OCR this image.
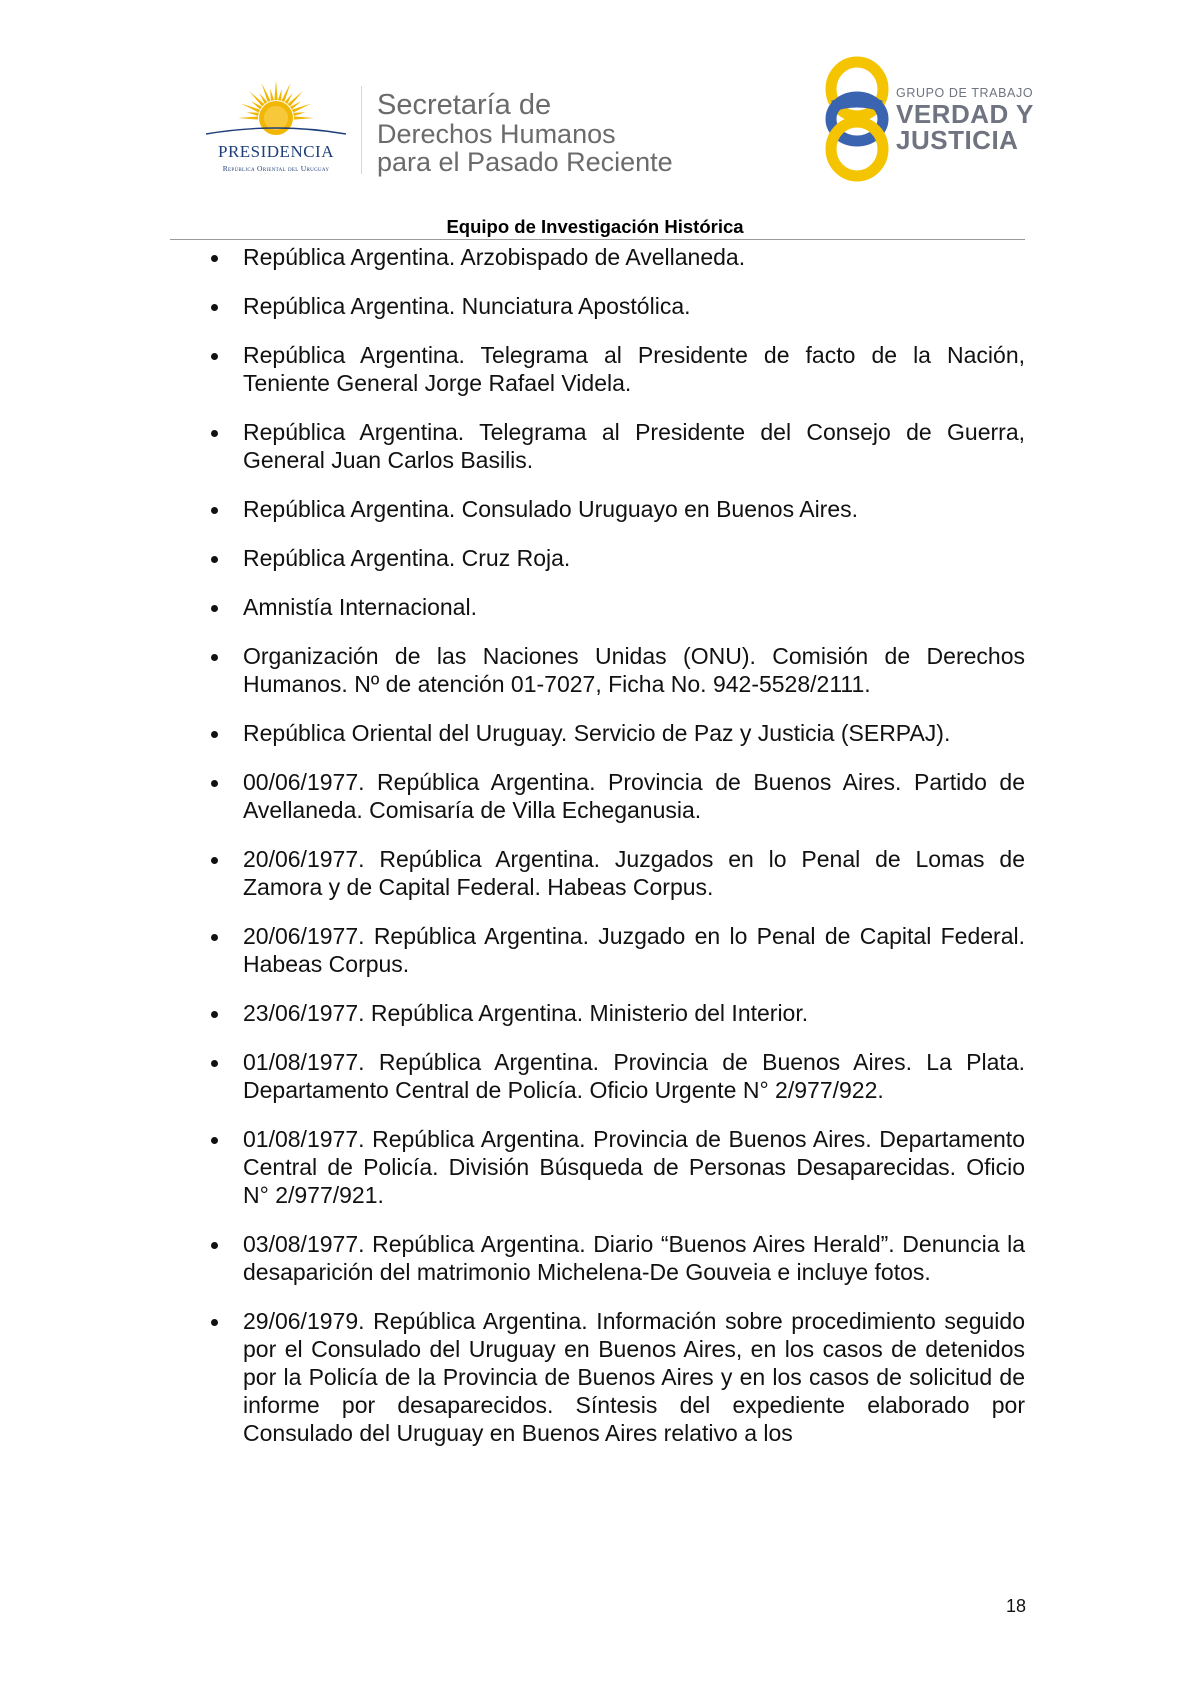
PRESIDENCIA
República Oriental del Uruguay
Secretaría de
Derechos Humanos
para el Pasado Reciente
GRUPO DE TRABAJO
VERDAD Y
JUSTICIA
Equipo de Investigación Histórica
República Argentina. Arzobispado de Avellaneda.
República Argentina. Nunciatura Apostólica.
República Argentina. Telegrama al Presidente de facto de la Nación, Teniente General Jorge Rafael Videla.
República Argentina. Telegrama al Presidente del Consejo de Guerra, General Juan Carlos Basilis.
República Argentina. Consulado Uruguayo en Buenos Aires.
República Argentina. Cruz Roja.
Amnistía Internacional.
Organización de las Naciones Unidas (ONU). Comisión de Derechos Humanos. Nº de atención 01-7027, Ficha No. 942-5528/2111.
República Oriental del Uruguay. Servicio de Paz y Justicia (SERPAJ).
00/06/1977. República Argentina. Provincia de Buenos Aires. Partido de Avellaneda. Comisaría de Villa Echeganusia.
20/06/1977. República Argentina. Juzgados en lo Penal de Lomas de Zamora y de Capital Federal. Habeas Corpus.
20/06/1977. República Argentina. Juzgado en lo Penal de Capital Federal. Habeas Corpus.
23/06/1977. República Argentina. Ministerio del Interior.
01/08/1977. República Argentina. Provincia de Buenos Aires. La Plata. Departamento Central de Policía. Oficio Urgente N° 2/977/922.
01/08/1977. República Argentina. Provincia de Buenos Aires. Departamento Central de Policía. División Búsqueda de Personas Desaparecidas. Oficio N° 2/977/921.
03/08/1977. República Argentina. Diario “Buenos Aires Herald”. Denuncia la desaparición del matrimonio Michelena-De Gouveia e incluye fotos.
29/06/1979. República Argentina. Información sobre procedimiento seguido por el Consulado del Uruguay en Buenos Aires, en los casos de detenidos por la Policía de la Provincia de Buenos Aires y en los casos de solicitud de informe por desaparecidos. Síntesis del expediente elaborado por Consulado del Uruguay en Buenos Aires relativo a los
18
